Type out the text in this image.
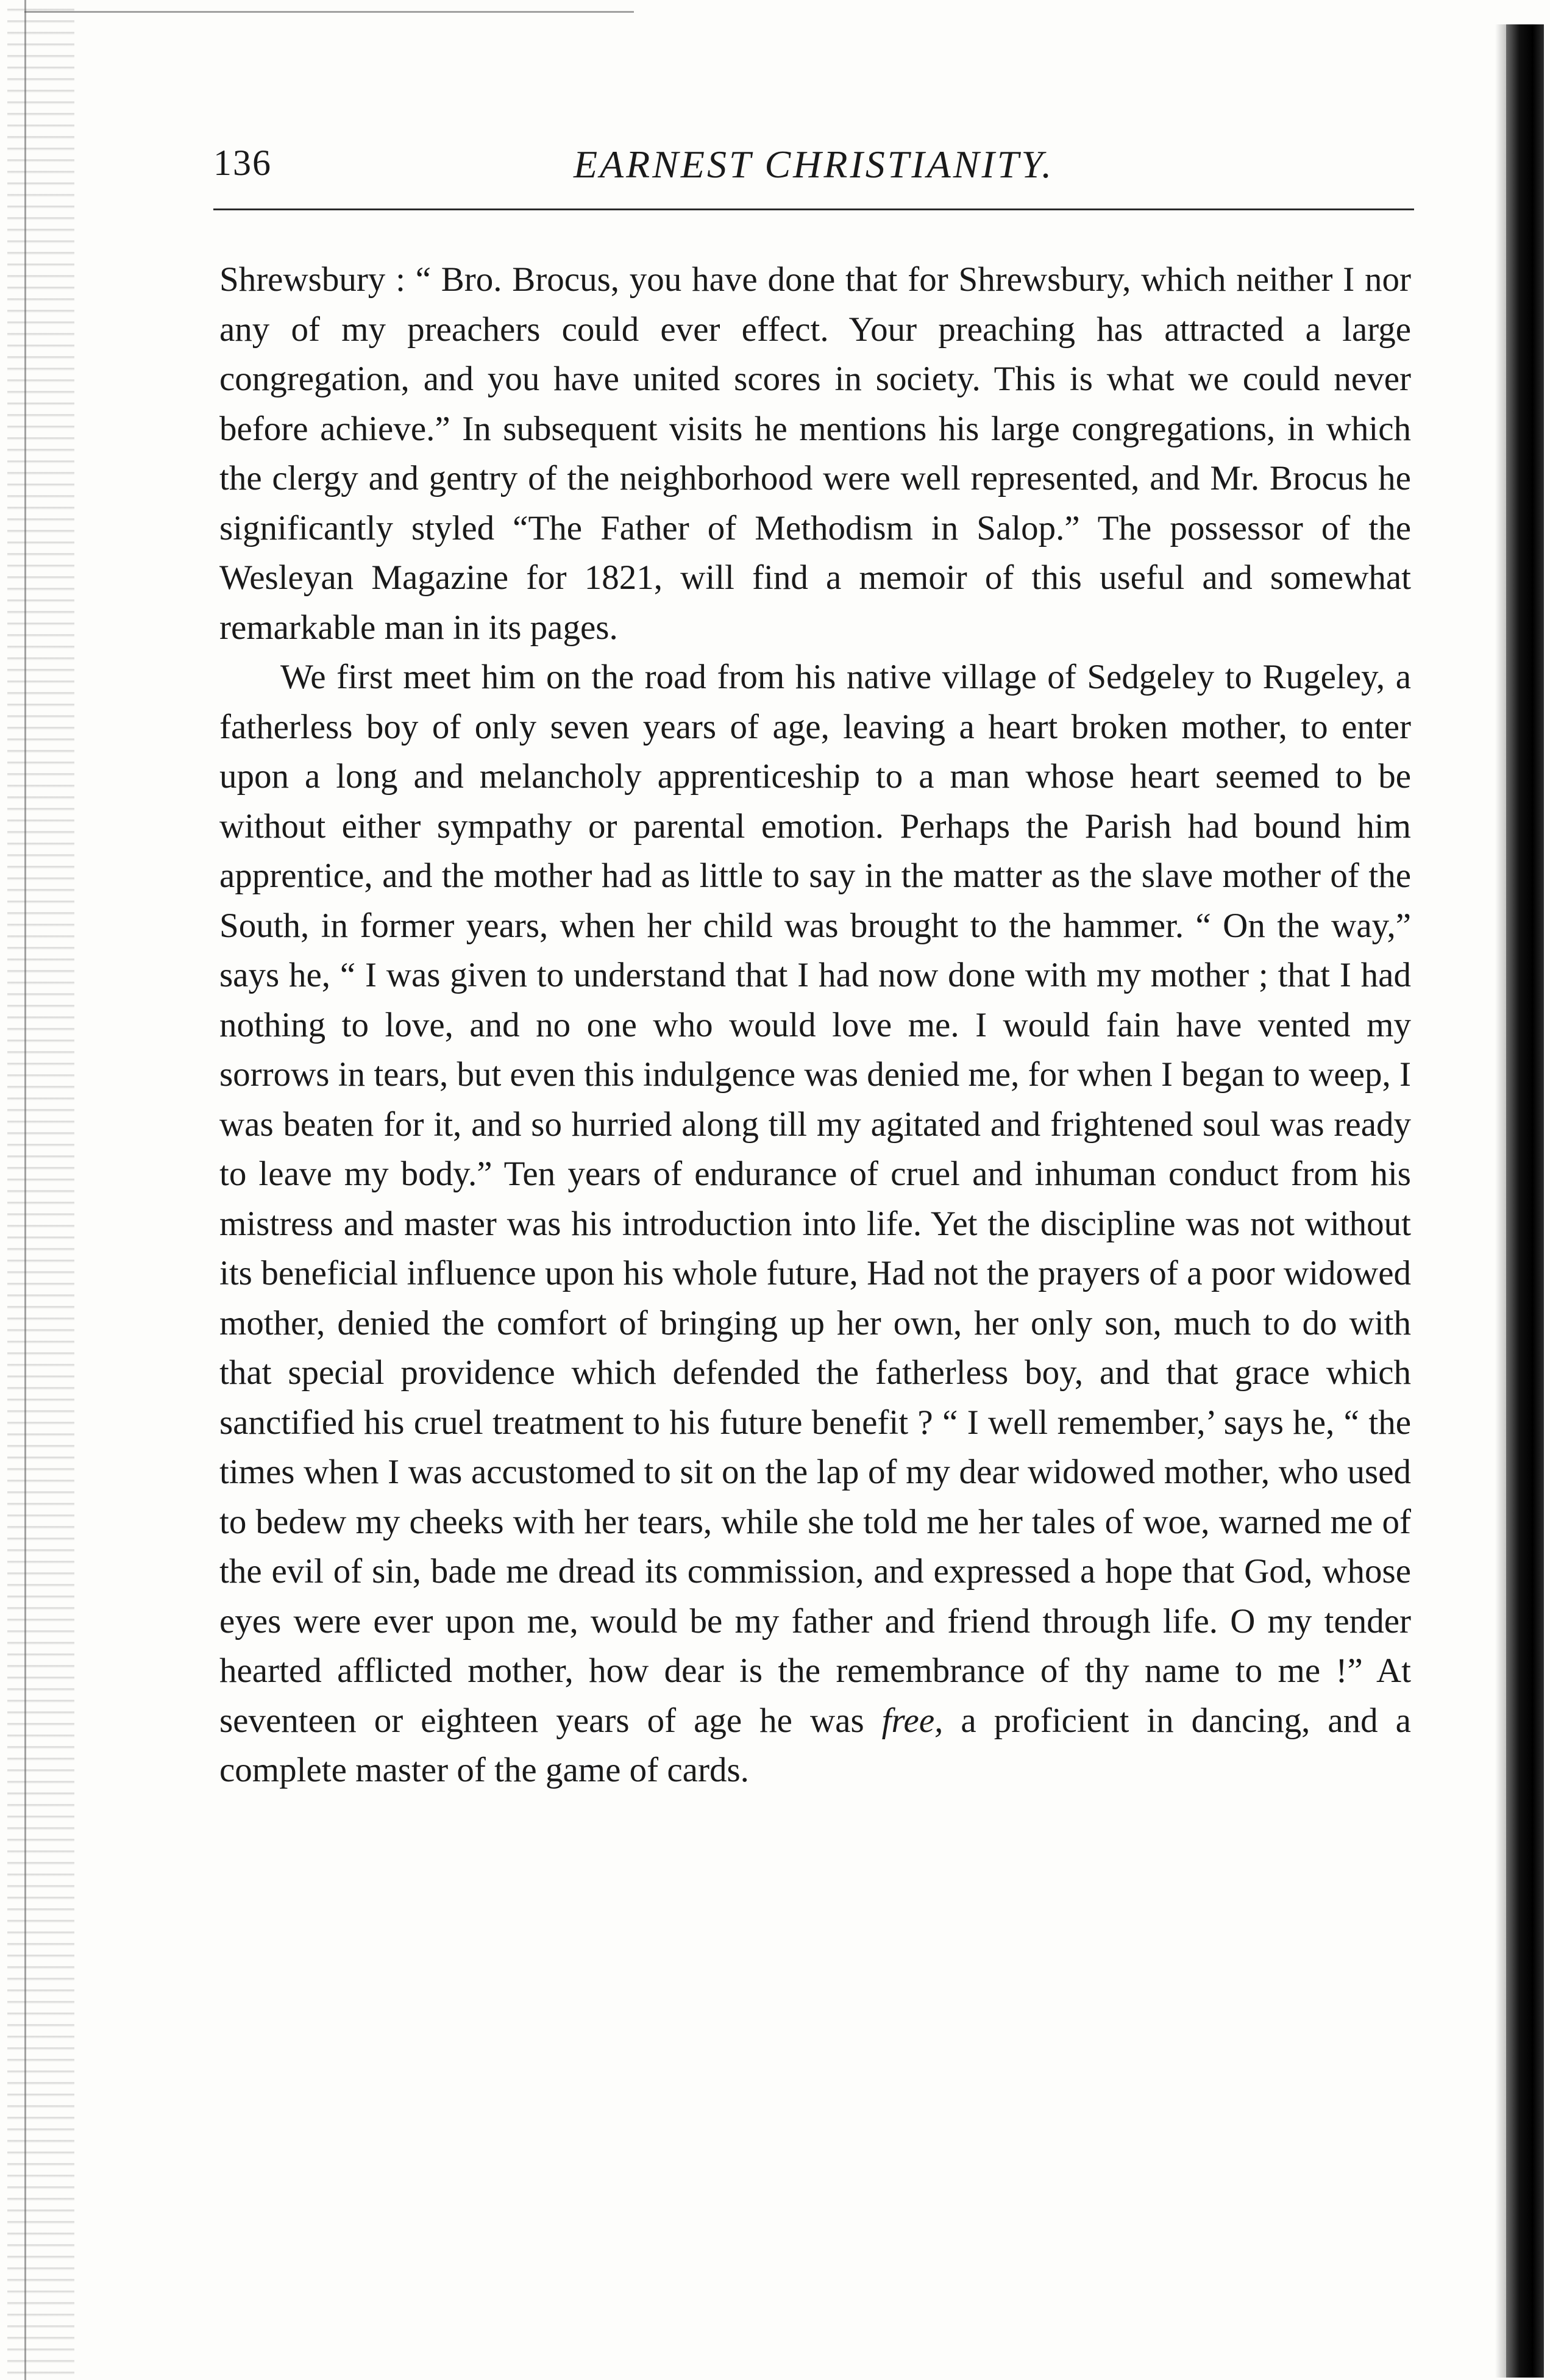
136	EARNEST CHRISTIANITY.

Shrewsbury : “ Bro. Brocus, you have done that for Shrewsbury, which neither I nor any of my preachers could ever effect. Your preaching has attracted a large congregation, and you have united scores in society. This is what we could never before achieve.” In subsequent visits he mentions his large congregations, in which the clergy and gentry of the neighborhood were well represented, and Mr. Brocus he significantly styled “The Father of Methodism in Salop.” The possessor of the Wesleyan Magazine for 1821, will find a memoir of this useful and somewhat remarkable man in its pages.

We first meet him on the road from his native village of Sedgeley to Rugeley, a fatherless boy of only seven years of age, leaving a heart broken mother, to enter upon a long and melancholy apprenticeship to a man whose heart seemed to be without either sympathy or parental emotion. Perhaps the Parish had bound him apprentice, and the mother had as little to say in the matter as the slave mother of the South, in former years, when her child was brought to the hammer. “ On the way,” says he, “ I was given to understand that I had now done with my mother ; that I had nothing to love, and no one who would love me. I would fain have vented my sorrows in tears, but even this indulgence was denied me, for when I began to weep, I was beaten for it, and so hurried along till my agitated and frightened soul was ready to leave my body.” Ten years of endurance of cruel and inhuman conduct from his mistress and master was his introduction into life. Yet the discipline was not without its beneficial influence upon his whole future, Had not the prayers of a poor widowed mother, denied the comfort of bringing up her own, her only son, much to do with that special providence which defended the fatherless boy, and that grace which sanctified his cruel treatment to his future benefit ? “ I well remember,’ says he, “ the times when I was accustomed to sit on the lap of my dear widowed mother, who used to bedew my cheeks with her tears, while she told me her tales of woe, warned me of the evil of sin, bade me dread its commission, and expressed a hope that God, whose eyes were ever upon me, would be my father and friend through life. O my tender hearted afflicted mother, how dear is the remembrance of thy name to me !” At seventeen or eighteen years of age he was free, a proficient in dancing, and a complete master of the game of cards.
